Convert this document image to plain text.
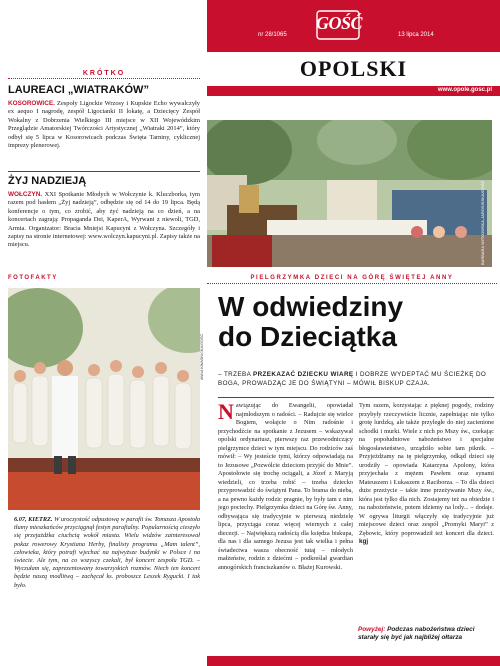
nr 28/1065
GOŚĆ
13 lipca 2014
OPOLSKI
www.opole.gosc.pl
KRÓTKO
LAUREACI „WIATRAKÓW”
KOSOROWICE. Zespoły Ligockie Wrzosy i Kupskie Echo wywalczyły ex aequo I nagrodę, zespół Ligocianki II lokatę, a Dziecięcy Zespół Wokalny z Dobrzenia Wielkiego III miejsce w XII Wojewódzkim Przeglądzie Amatorskiej Twórczości Artystycznej „Wiatraki 2014”, który odbył się 5 lipca w Kosorowicach podczas Święta Tarniny, cyklicznej imprezy plenerowej.
ŻYJ NADZIEJĄ
WOŁCZYN. XXI Spotkanie Młodych w Wołczynie k. Kluczborka, tym razem pod hasłem „Żyj nadzieją”, odbędzie się od 14 do 19 lipca. Będą konferencje o tym, co zrobić, aby żyć nadzieją na co dzień, a na koncertach zagrają: Propaganda Dei, KaperA, Wyrwani z niewoli, TGD, Armia. Organizator: Bracia Mniejsi Kapucyni z Wołczyna. Szczegóły i zapisy na stronie internetowej: www.wolczyn.kapucyni.pl. Zapisy także na miejscu.	BARBARA WITKOWSKA-JAROSIŃSKA/GOŚĆ
FOTOFAKTY
ANNA KWASNICKA/GOŚĆ
6.07, KIETRZ. W uroczystość odpustową w parafii św. Tomasza Apostoła tłumy mieszkańców przyciągnął festyn parafialny. Popularnością cieszyło się przejażdżka ciuchcią wokół miasta. Wielu widzów zainteresował pokaz rowerowy Krystiana Herby, finalisty programu „Mam talent”, człowieka, który potrafi wjechać na najwyższe budynki w Polsce i na świecie. Ale tym, na co wszyscy czekali, był koncert zespołu TGD. – Wyczułam się, zaprezentowany towarzyskich rozmów. Niech ten koncert będzie naszą modlitwą – zachęcał ks. proboszcz Leszek Rygucki. I tak było.
PIELGRZYMKA DZIECI NA GÓRĘ ŚWIĘTEJ ANNY
W odwiedziny
do Dzieciątka
– TRZEBA PRZEKAZAĆ DZIECKU WIARĘ I DOBRZE WYDEPTAĆ MU ŚCIEŻKĘ DO BOGA, PROWADZĄC JE DO ŚWIĄTYNI – MÓWIŁ BISKUP CZAJA.
Nawiązując do Ewangelii, opowiadał najmłodszym o radości. – Radujcie się wielce Bogiem, wołajcie o Nim radośnie i przychodźcie na spotkanie z Jezusem – wskazywał opolski ordynariusz, pierwszy raz przewodniczący pielgrzymce dzieci w tym miejscu. Do rodziców zaś mówił: – Wy jesteście tymi, którzy odpowiadają na to Jezusowe „Pozwólcie dzieciom przyjść do Mnie”. Apostołowie się trochę ociągali, a Józef z Maryją wiedzieli, co trzeba robić – trzeba dziecko przyprowadzić do świątyni Pana. To brama do nieba, a na pewno każdy rodzic pragnie, by były tam z nim jego pociechy. Pielgrzymka dzieci na Górę św. Anny, odbywająca się tradycyjnie w pierwszą niedzielę lipca, przyciąga coraz więcej wiernych z całej diecezji. – Największą radością dla księdza biskupa, dla nas i dla samego Jezusa jest tak wielka i pełna świadectwa wasza obecność tutaj – młodych małżeństw, rodzin z dziećmi – podkreślał gwardian annogórskich franciszkanów o. Błażej Kurowski.
Tym razem, korzystając z pięknej pogody, rodziny przybyły rzeczywiście licznie, zapełniając nie tylko grotę lurdzką, ale także przyległe do niej zacienione schodki i murki. Wiele z nich po Mszy św., czekając na popołudniowe nabożeństwo i specjalne błogosławieństwo, urządziło sobie tam piknik. – Przyjeżdżamy na tę pielgrzymkę, odkąd dzieci się urodziły – opowiada Katarzyna Apolony, która przyjechała z mężem Pawłem oraz synami Mateuszem i Łukaszem z Raciborza. – To dla dzieci duże przeżycie – takie inne przeżywanie Mszy św., która jest tylko dla nich. Zostajemy też na obiedzie i na nabożeństwie, potem idziemy na lody... – dodaje. W ogrywa liturgii włączyły się tradycyjnie już miejscowe dzieci oraz zespół „Promyki Maryi” z Żębowic, który poprowadził też koncert dla dzieci. kgj
Powyżej: Podczas nabożeństwa dzieci starały się być jak najbliżej ołtarza
